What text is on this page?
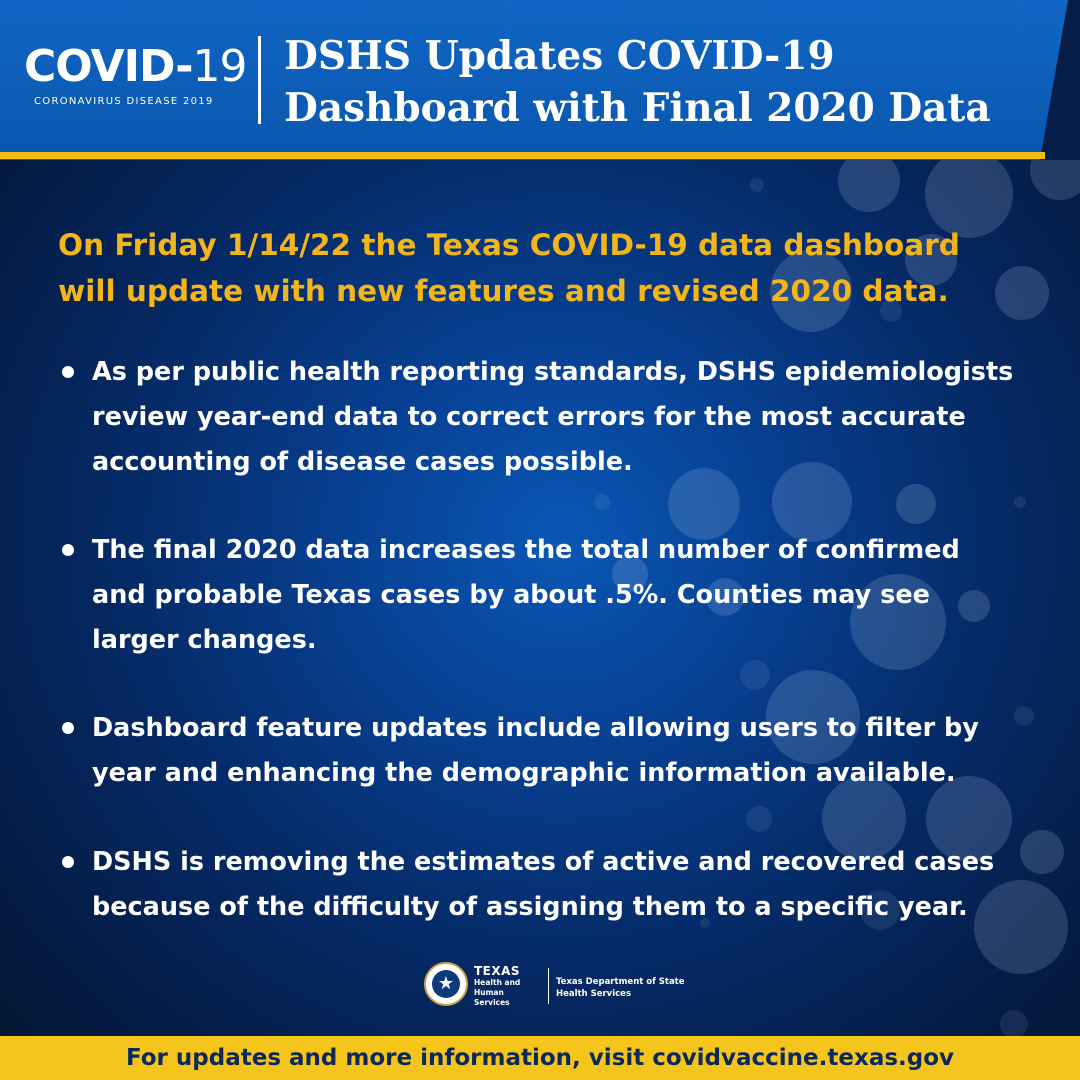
COVID-19
CORONAVIRUS DISEASE 2019
DSHS Updates COVID-19
Dashboard with Final 2020 Data
On Friday 1/14/22 the Texas COVID-19 data dashboard
will update with new features and revised 2020 data.
As per public health reporting standards, DSHS epidemiologists
review year-end data to correct errors for the most accurate
accounting of disease cases possible.
The final 2020 data increases the total number of confirmed
and probable Texas cases by about .5%. Counties may see
larger changes.
Dashboard feature updates include allowing users to filter by
year and enhancing the demographic information available.
DSHS is removing the estimates of active and recovered cases
because of the difficulty of assigning them to a specific year.
★
TEXAS
Health and Human
Services
Texas Department of State
Health Services
For updates and more information, visit covidvaccine.texas.gov
